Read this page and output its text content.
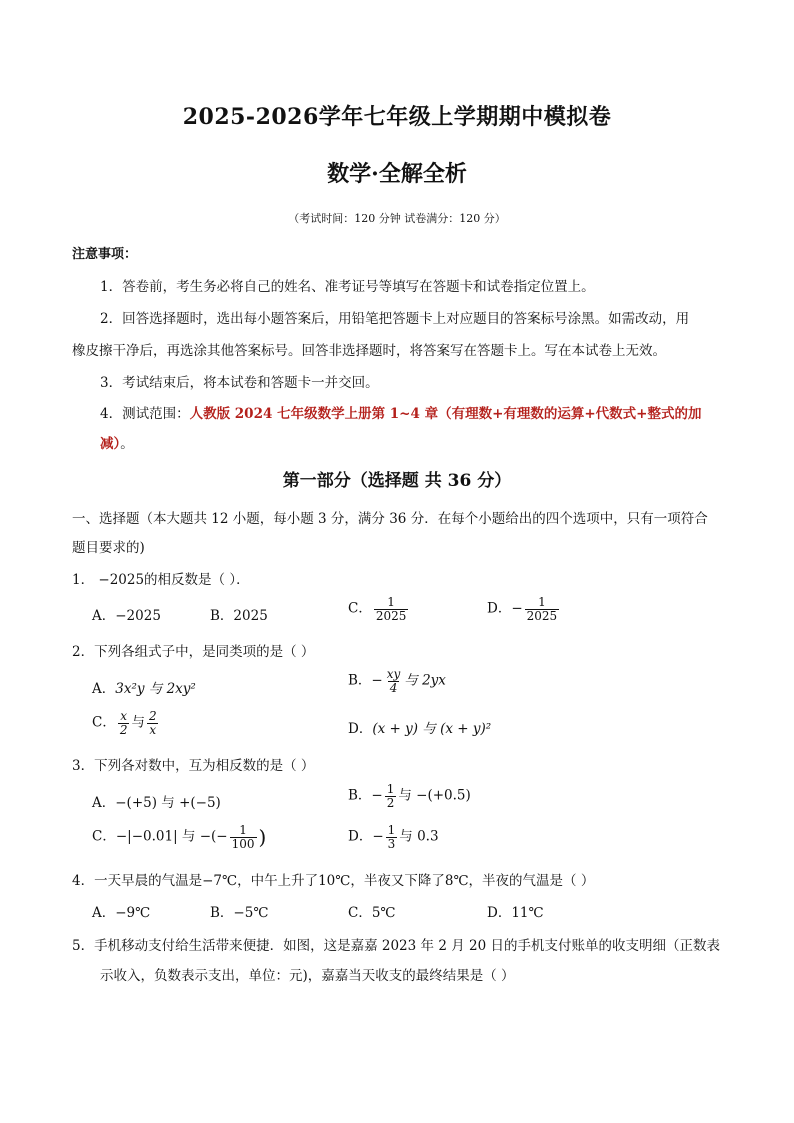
2025-2026学年七年级上学期期中模拟卷
数学·全解全析
（考试时间：120 分钟 试卷满分：120 分）
注意事项：
1．答卷前，考生务必将自己的姓名、准考证号等填写在答题卡和试卷指定位置上。
2．回答选择题时，选出每小题答案后，用铅笔把答题卡上对应题目的答案标号涂黑。如需改动，用
橡皮擦干净后，再选涂其他答案标号。回答非选择题时，将答案写在答题卡上。写在本试卷上无效。
3．考试结束后，将本试卷和答题卡一并交回。
4．测试范围：人教版 2024 七年级数学上册第 1~4 章（有理数+有理数的运算+代数式+整式的加
减）。
第一部分（选择题 共 36 分）
一、选择题（本大题共 12 小题，每小题 3 分，满分 36 分．在每个小题给出的四个选项中，只有一项符合
题目要求的)
1． −2025的相反数是（ ）．
A．−2025	B．2025	C． $\frac{1}{2025}$	D．− $\frac{1}{2025}$
2．下列各组式子中，是同类项的是（ ）
A．3x²y 与 2xy²
B．− $\frac{xy}{4}$ 与 2yx
C． $\frac{x}{2}$ 与 $\frac{2}{x}$	D．(x + y) 与 (x + y)²
3．下列各对数中，互为相反数的是（ ）
A．−(+5) 与 +(−5)	B．− $\frac{1}{2}$ 与 −(+0.5)
C．−|−0.01| 与 −(− $\frac{1}{100}$ )	D．− $\frac{1}{3}$ 与 0.3
4．一天早晨的气温是−7℃，中午上升了10℃，半夜又下降了8℃，半夜的气温是（ ）
A．−9℃	B．−5℃	C．5℃	D．11℃
5．手机移动支付给生活带来便捷．如图，这是嘉嘉 2023 年 2 月 20 日的手机支付账单的收支明细（正数表
示收入，负数表示支出，单位：元)，嘉嘉当天收支的最终结果是（ ）
